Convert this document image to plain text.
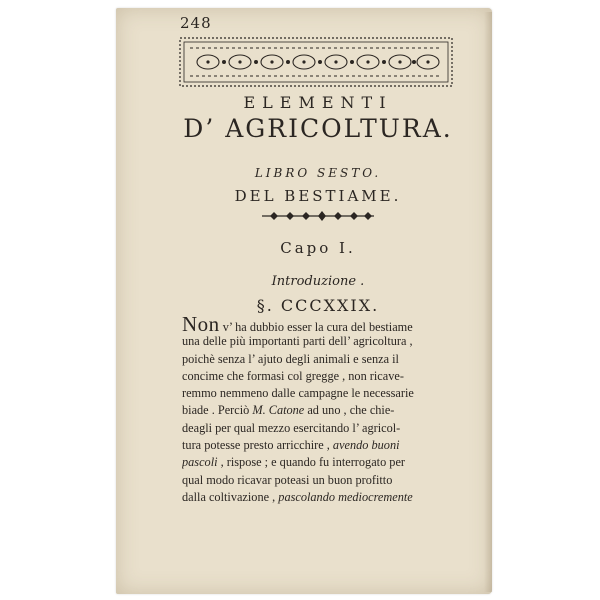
248
ELEMENTI
D’ AGRICOLTURA.
LIBRO SESTO.
DEL BESTIAME.
Capo I.
Introduzione .
§. CCCXXIX.
Non v’ ha dubbio esser la cura del bestiame
una delle più importanti parti dell’ agricoltura ,
poichè senza l’ ajuto degli animali e senza il
concime che formasi col gregge , non ricave-
remmo nemmeno dalle campagne le necessarie
biade . Perciò M. Catone ad uno , che chie-
deagli per qual mezzo esercitando l’ agricol-
tura potesse presto arricchire , avendo buoni
pascoli , rispose ; e quando fu interrogato per
qual modo ricavar poteasi un buon profitto
dalla coltivazione , pascolando mediocremente
